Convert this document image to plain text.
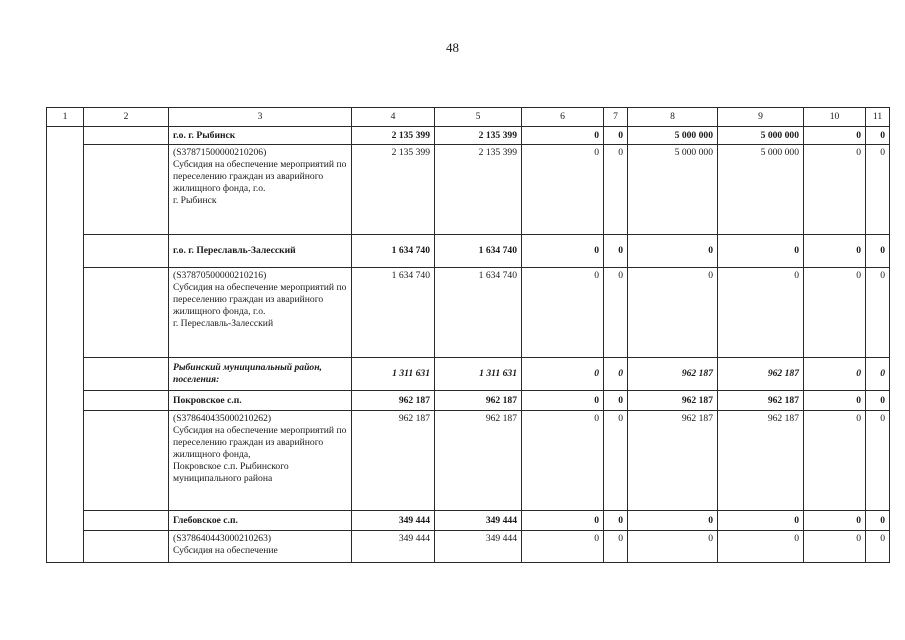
48
1	2	3	4	5	6	7	8	9	10	11
		г.о. г. Рыбинск	2 135 399	2 135 399	0	0	5 000 000	5 000 000	0	0
		(S37871500000210206)
Субсидия на обеспечение мероприятий по переселению граждан из аварийного жилищного фонда, г.о.
г. Рыбинск	2 135 399	2 135 399	0	0	5 000 000	5 000 000	0	0
		г.о. г. Переславль-Залесский	1 634 740	1 634 740	0	0	0	0	0	0
		(S37870500000210216)
Субсидия на обеспечение мероприятий по переселению граждан из аварийного жилищного фонда, г.о.
г. Переславль-Залесский	1 634 740	1 634 740	0	0	0	0	0	0
		Рыбинский муниципальный район, поселения:	1 311 631	1 311 631	0	0	962 187	962 187	0	0
		Покровское с.п.	962 187	962 187	0	0	962 187	962 187	0	0
		(S37864043500021026​2)
Субсидия на обеспечение мероприятий по переселению граждан из аварийного жилищного фонда,
Покровское с.п. Рыбинского муниципального района	962 187	962 187	0	0	962 187	962 187	0	0
		Глебовское с.п.	349 444	349 444	0	0	0	0	0	0
		(S37864044300021026​3)
Субсидия на обеспечение	349 444	349 444	0	0	0	0	0	0
